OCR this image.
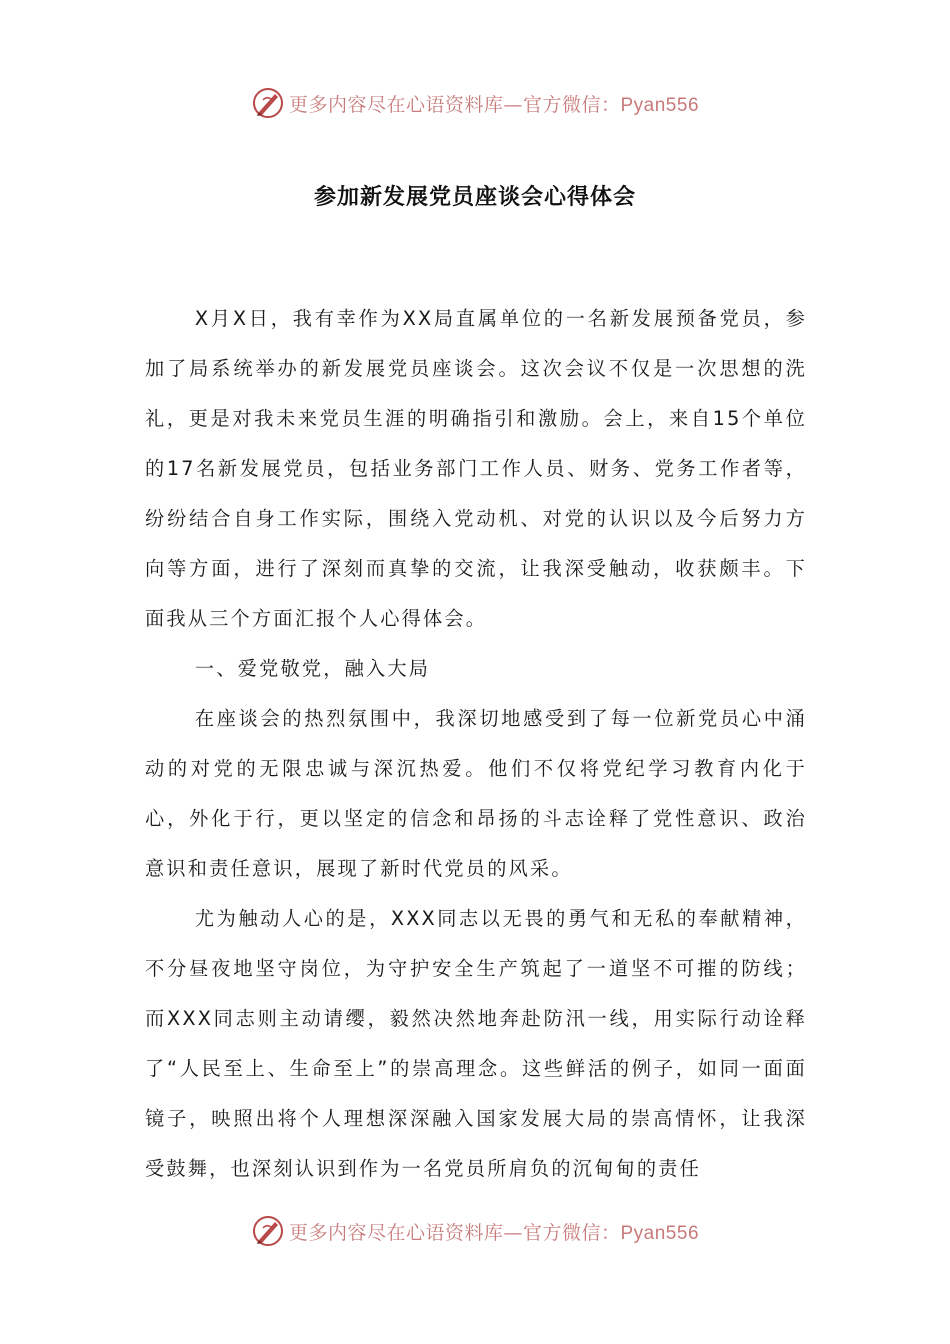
更多内容尽在心语资料库—官方微信：Pyan556
参加新发展党员座谈会心得体会

X月X日，我有幸作为XX局直属单位的一名新发展预备党员，参加了局系统举办的新发展党员座谈会。这次会议不仅是一次思想的洗礼，更是对我未来党员生涯的明确指引和激励。会上，来自15个单位的17名新发展党员，包括业务部门工作人员、财务、党务工作者等，纷纷结合自身工作实际，围绕入党动机、对党的认识以及今后努力方向等方面，进行了深刻而真挚的交流，让我深受触动，收获颇丰。下面我从三个方面汇报个人心得体会。

一、爱党敬党，融入大局

在座谈会的热烈氛围中，我深切地感受到了每一位新党员心中涌动的对党的无限忠诚与深沉热爱。他们不仅将党纪学习教育内化于心，外化于行，更以坚定的信念和昂扬的斗志诠释了党性意识、政治意识和责任意识，展现了新时代党员的风采。

尤为触动人心的是，XXX同志以无畏的勇气和无私的奉献精神，不分昼夜地坚守岗位，为守护安全生产筑起了一道坚不可摧的防线；而XXX同志则主动请缨，毅然决然地奔赴防汛一线，用实际行动诠释了“人民至上、生命至上”的崇高理念。这些鲜活的例子，如同一面面镜子，映照出将个人理想深深融入国家发展大局的崇高情怀，让我深受鼓舞，也深刻认识到作为一名党员所肩负的沉甸甸的责任

更多内容尽在心语资料库—官方微信：Pyan556
